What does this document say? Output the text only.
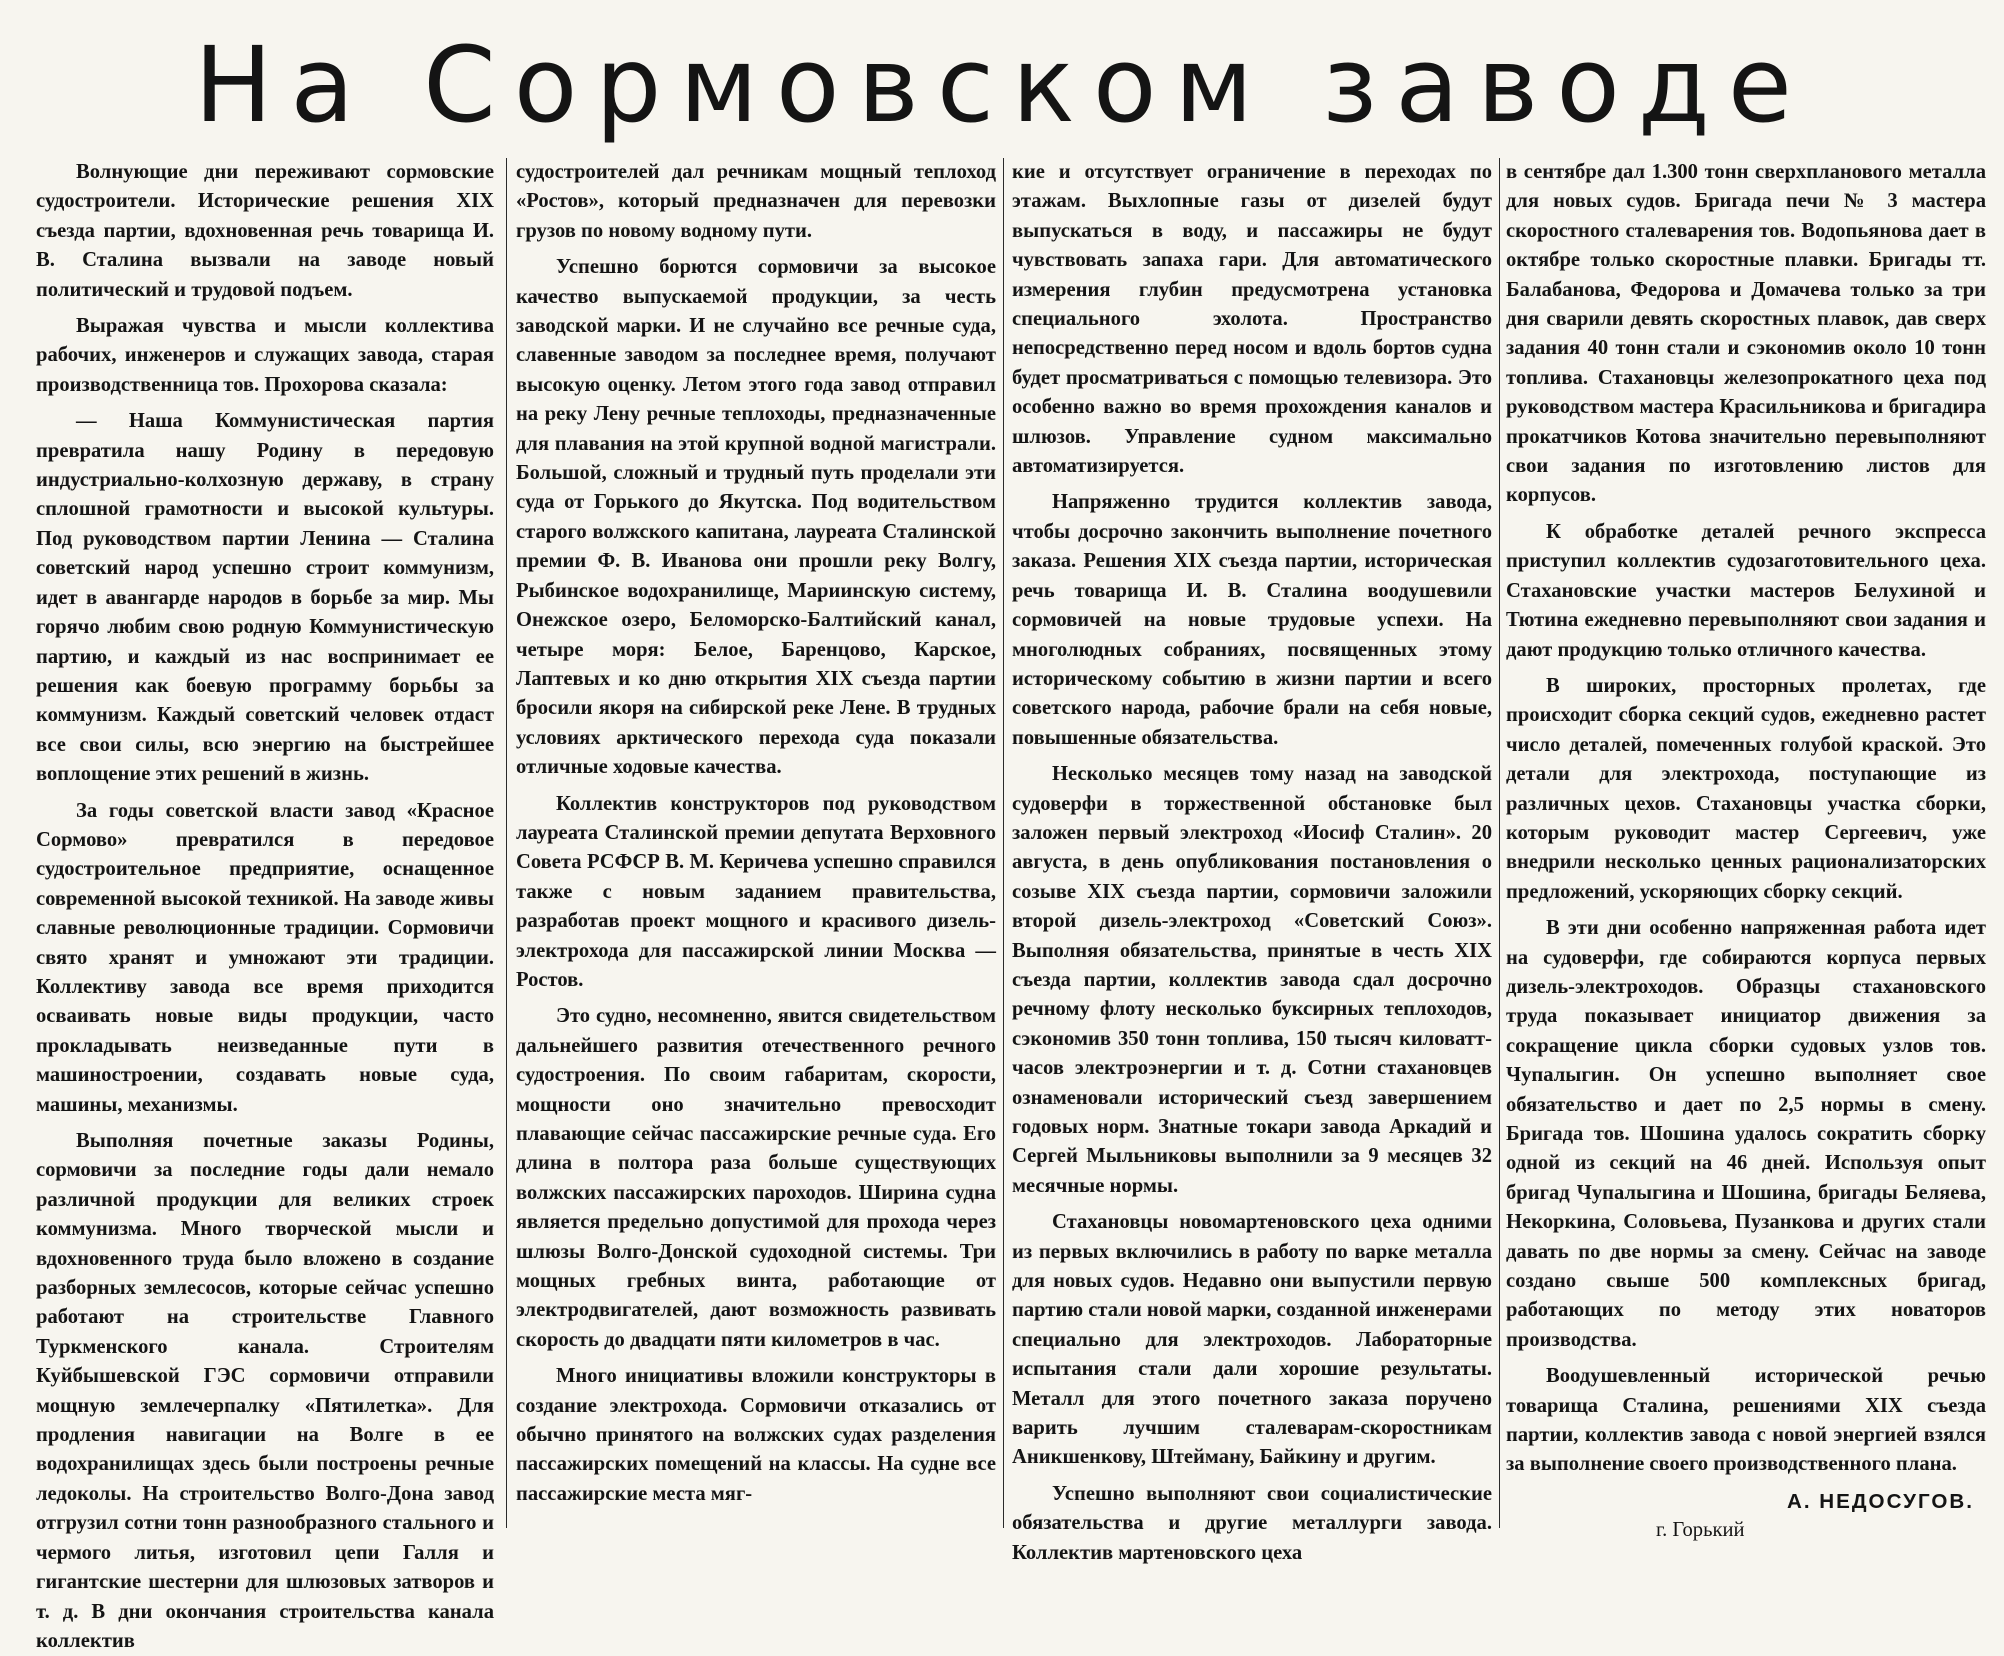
На Сормовском заводе

Волнующие дни переживают сормовские судостроители. Исторические решения XIX съезда партии, вдохновенная речь товарища И. В. Сталина вызвали на заводе новый политический и трудовой подъем.

Выражая чувства и мысли коллектива рабочих, инженеров и служащих завода, старая производственница тов. Прохорова сказала:

— Наша Коммунистическая партия превратила нашу Родину в передовую индустриально-колхозную державу, в страну сплошной грамотности и высокой культуры. Под руководством партии Ленина — Сталина советский народ успешно строит коммунизм, идет в авангарде народов в борьбе за мир. Мы горячо любим свою родную Коммунистическую партию, и каждый из нас воспринимает ее решения как боевую программу борьбы за коммунизм. Каждый советский человек отдаст все свои силы, всю энергию на быстрейшее воплощение этих решений в жизнь.

За годы советской власти завод «Красное Сормово» превратился в передовое судостроительное предприятие, оснащенное современной высокой техникой. На заводе живы славные революционные традиции. Сормовичи свято хранят и умножают эти традиции. Коллективу завода все время приходится осваивать новые виды продукции, часто прокладывать неизведанные пути в машиностроении, создавать новые суда, машины, механизмы.

Выполняя почетные заказы Родины, сормовичи за последние годы дали немало различной продукции для великих строек коммунизма. Много творческой мысли и вдохновенного труда было вложено в создание разборных землесосов, которые сейчас успешно работают на строительстве Главного Туркменского канала. Строителям Куйбышевской ГЭС сормовичи отправили мощную землечерпалку «Пятилетка». Для продления навигации на Волге в ее водохранилищах здесь были построены речные ледоколы. На строительство Волго-Дона завод отгрузил сотни тонн разнообразного стального и чермого литья, изготовил цепи Галля и гигантские шестерни для шлюзовых затворов и т. д. В дни окончания строительства канала коллектив

судостроителей дал речникам мощный теплоход «Ростов», который предназначен для перевозки грузов по новому водному пути.

Успешно борются сормовичи за высокое качество выпускаемой продукции, за честь заводской марки. И не случайно все речные суда, славенные заводом за последнее время, получают высокую оценку. Летом этого года завод отправил на реку Лену речные теплоходы, предназначенные для плавания на этой крупной водной магистрали. Большой, сложный и трудный путь проделали эти суда от Горького до Якутска. Под водительством старого волжского капитана, лауреата Сталинской премии Ф. В. Иванова они прошли реку Волгу, Рыбинское водохранилище, Мариинскую систему, Онежское озеро, Беломорско-Балтийский канал, четыре моря: Белое, Баренцово, Карское, Лаптевых и ко дню открытия XIX съезда партии бросили якоря на сибирской реке Лене. В трудных условиях арктического перехода суда показали отличные ходовые качества.

Коллектив конструкторов под руководством лауреата Сталинской премии депутата Верховного Совета РСФСР В. М. Керичева успешно справился также с новым заданием правительства, разработав проект мощного и красивого дизель-электрохода для пассажирской линии Москва — Ростов.

Это судно, несомненно, явится свидетельством дальнейшего развития отечественного речного судостроения. По своим габаритам, скорости, мощности оно значительно превосходит плавающие сейчас пассажирские речные суда. Его длина в полтора раза больше существующих волжских пассажирских пароходов. Ширина судна является предельно допустимой для прохода через шлюзы Волго-Донской судоходной системы. Три мощных гребных винта, работающие от электродвигателей, дают возможность развивать скорость до двадцати пяти километров в час.

Много инициативы вложили конструкторы в создание электрохода. Сормовичи отказались от обычно принятого на волжских судах разделения пассажирских помещений на классы. На судне все пассажирские места мяг-

кие и отсутствует ограничение в переходах по этажам. Выхлопные газы от дизелей будут выпускаться в воду, и пассажиры не будут чувствовать запаха гари. Для автоматического измерения глубин предусмотрена установка специального эхолота. Пространство непосредственно перед носом и вдоль бортов судна будет просматриваться с помощью телевизора. Это особенно важно во время прохождения каналов и шлюзов. Управление судном максимально автоматизируется.

Напряженно трудится коллектив завода, чтобы досрочно закончить выполнение почетного заказа. Решения XIX съезда партии, историческая речь товарища И. В. Сталина воодушевили сормовичей на новые трудовые успехи. На многолюдных собраниях, посвященных этому историческому событию в жизни партии и всего советского народа, рабочие брали на себя новые, повышенные обязательства.

Несколько месяцев тому назад на заводской судоверфи в торжественной обстановке был заложен первый электроход «Иосиф Сталин». 20 августа, в день опубликования постановления о созыве XIX съезда партии, сормовичи заложили второй дизель-электроход «Советский Союз». Выполняя обязательства, принятые в честь XIX съезда партии, коллектив завода сдал досрочно речному флоту несколько буксирных теплоходов, сэкономив 350 тонн топлива, 150 тысяч киловатт-часов электроэнергии и т. д. Сотни стахановцев ознаменовали исторический съезд завершением годовых норм. Знатные токари завода Аркадий и Сергей Мыльниковы выполнили за 9 месяцев 32 месячные нормы.

Стахановцы новомартеновского цеха одними из первых включились в работу по варке металла для новых судов. Недавно они выпустили первую партию стали новой марки, созданной инженерами специально для электроходов. Лабораторные испытания стали дали хорошие результаты. Металл для этого почетного заказа поручено варить лучшим сталеварам-скоростникам Аникшенкову, Штейману, Байкину и другим.

Успешно выполняют свои социалистические обязательства и другие металлурги завода. Коллектив мартеновского цеха

в сентябре дал 1.300 тонн сверхпланового металла для новых судов. Бригада печи № 3 мастера скоростного сталеварения тов. Водопьянова дает в октябре только скоростные плавки. Бригады тт. Балабанова, Федорова и Домачева только за три дня сварили девять скоростных плавок, дав сверх задания 40 тонн стали и сэкономив около 10 тонн топлива. Стахановцы железопрокатного цеха под руководством мастера Красильникова и бригадира прокатчиков Котова значительно перевыполняют свои задания по изготовлению листов для корпусов.

К обработке деталей речного экспресса приступил коллектив судозаготовительного цеха. Стахановские участки мастеров Белухиной и Тютина ежедневно перевыполняют свои задания и дают продукцию только отличного качества.

В широких, просторных пролетах, где происходит сборка секций судов, ежедневно растет число деталей, помеченных голубой краской. Это детали для электрохода, поступающие из различных цехов. Стахановцы участка сборки, которым руководит мастер Сергеевич, уже внедрили несколько ценных рационализаторских предложений, ускоряющих сборку секций.

В эти дни особенно напряженная работа идет на судоверфи, где собираются корпуса первых дизель-электроходов. Образцы стахановского труда показывает инициатор движения за сокращение цикла сборки судовых узлов тов. Чупалыгин. Он успешно выполняет свое обязательство и дает по 2,5 нормы в смену. Бригада тов. Шошина удалось сократить сборку одной из секций на 46 дней. Используя опыт бригад Чупалыгина и Шошина, бригады Беляева, Некоркина, Соловьева, Пузанкова и других стали давать по две нормы за смену. Сейчас на заводе создано свыше 500 комплексных бригад, работающих по методу этих новаторов производства.

Воодушевленный исторической речью товарища Сталина, решениями XIX съезда партии, коллектив завода с новой энергией взялся за выполнение своего производственного плана.

А. НЕДОСУГОВ.
г. Горький
